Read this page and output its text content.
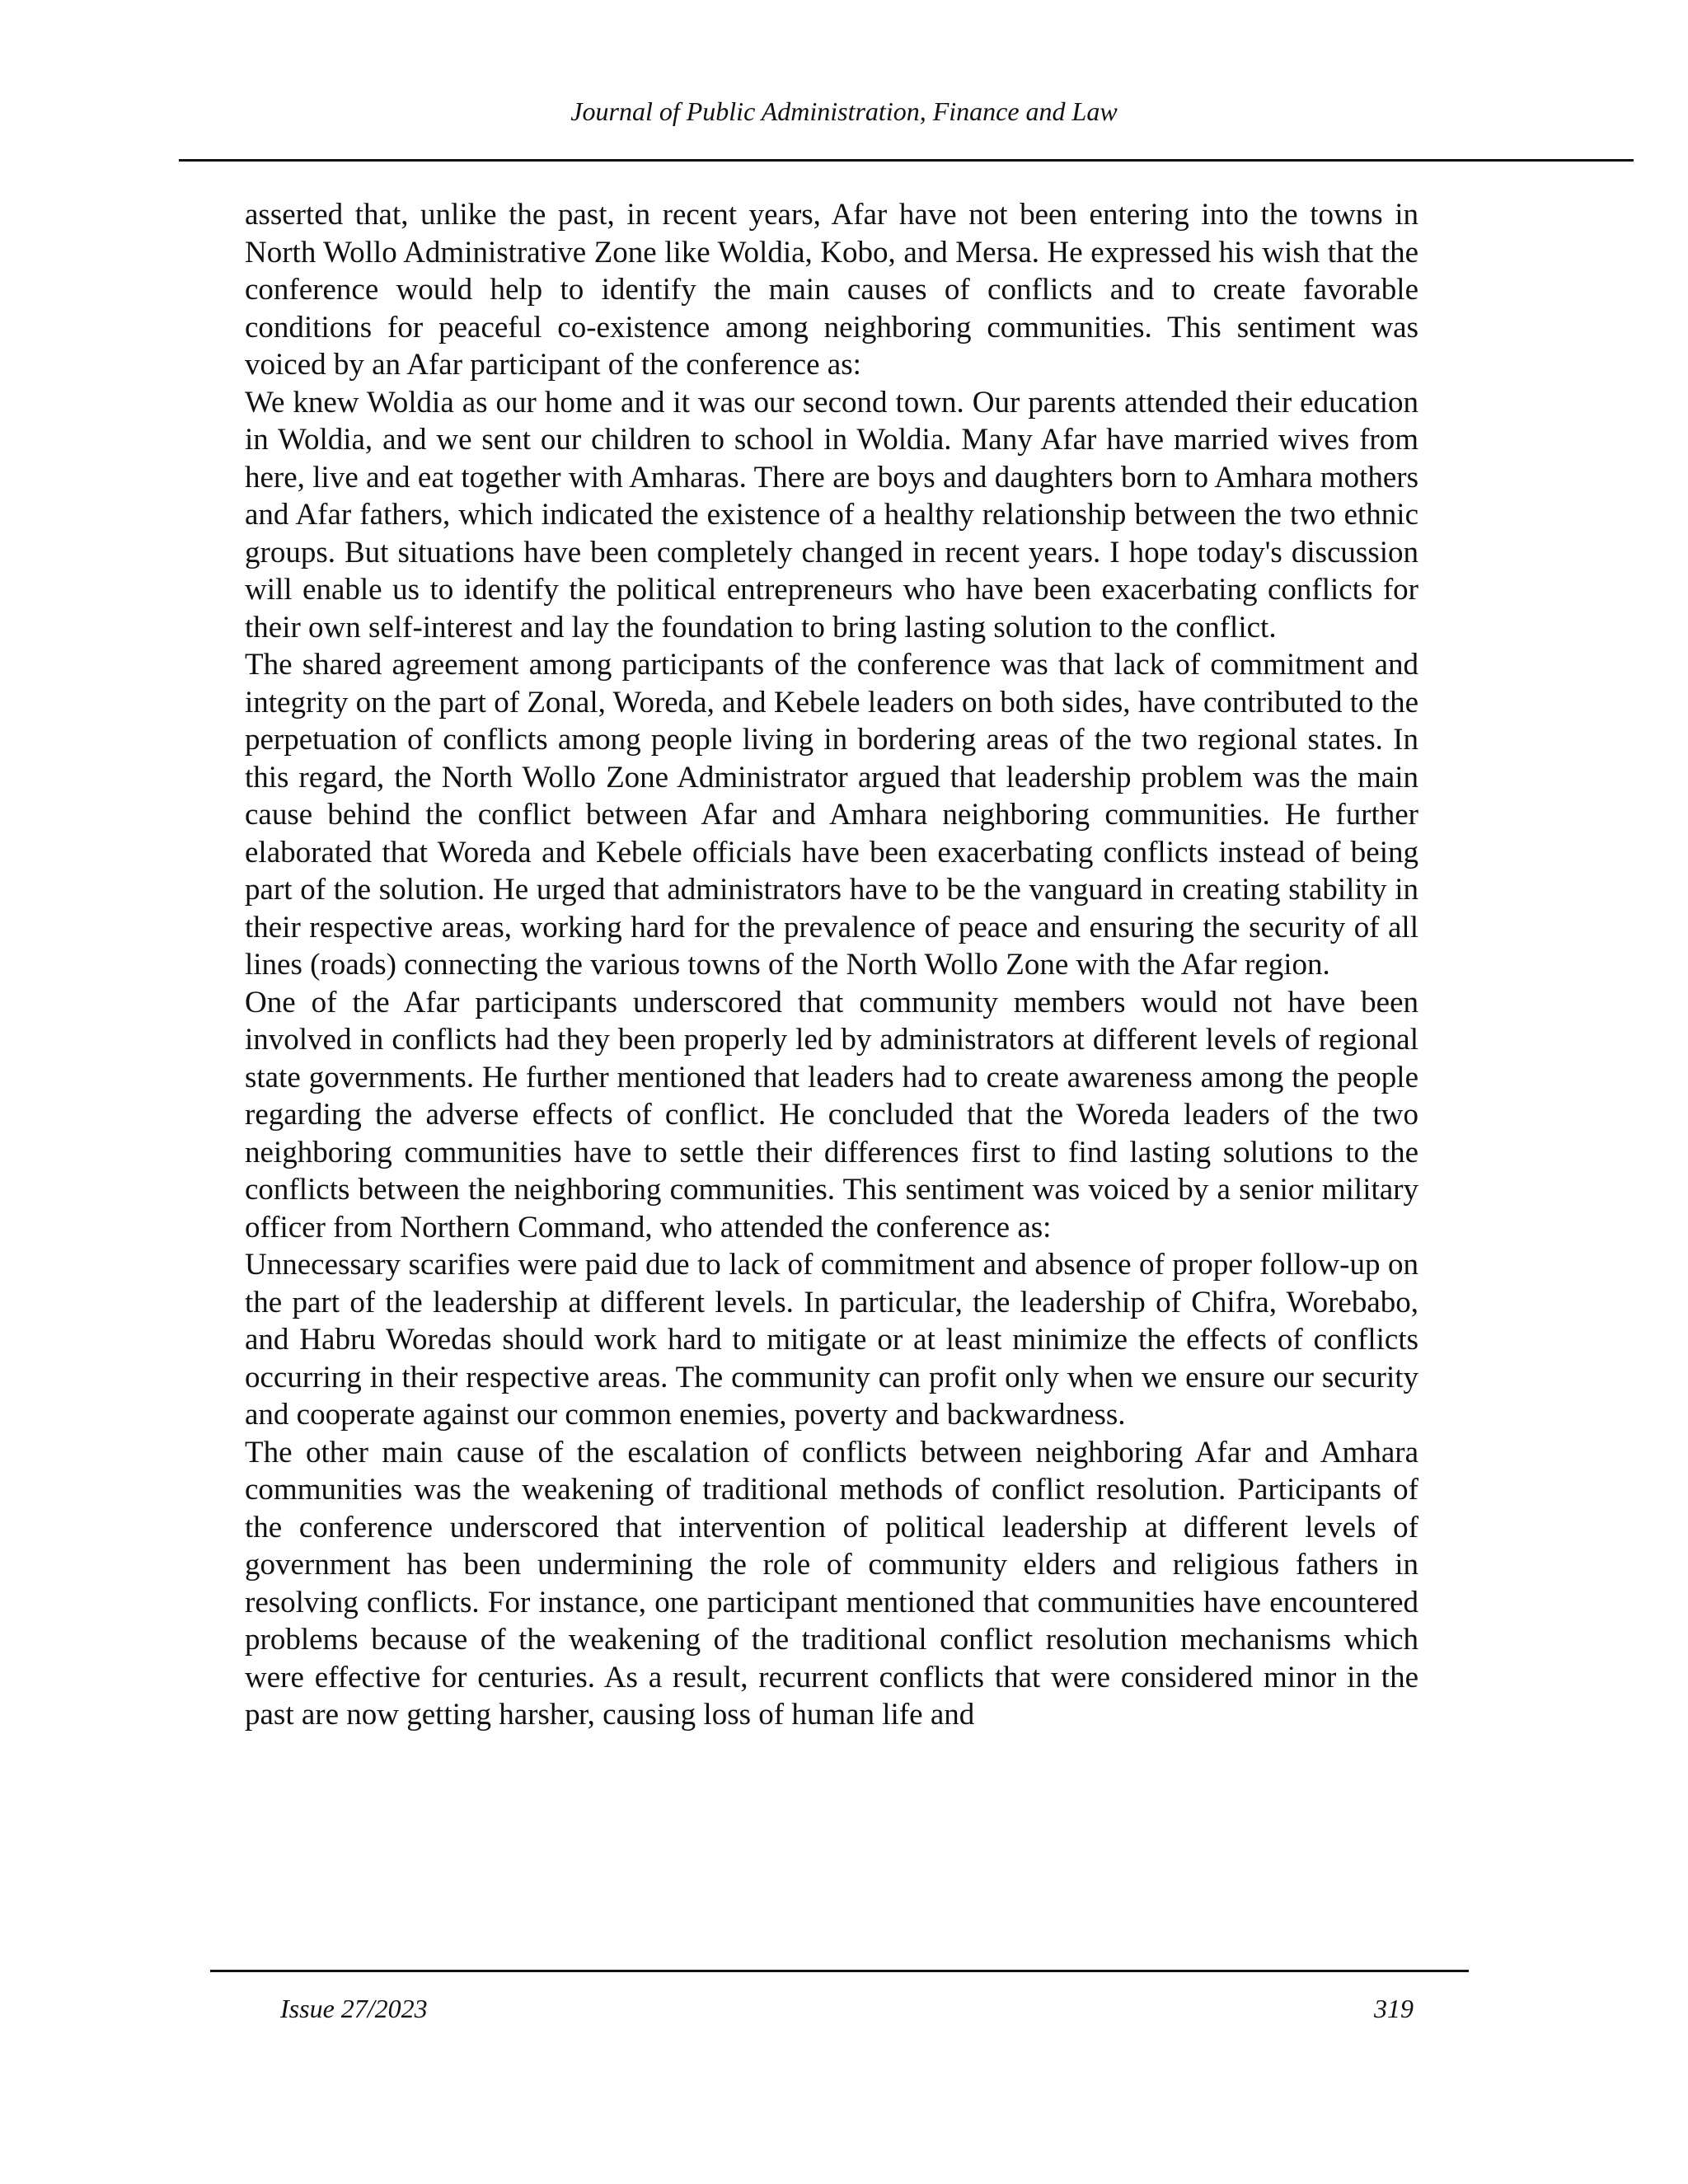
Journal of Public Administration, Finance and Law

asserted that, unlike the past, in recent years, Afar have not been entering into the towns in North Wollo Administrative Zone like Woldia, Kobo, and Mersa. He expressed his wish that the conference would help to identify the main causes of conflicts and to create favorable conditions for peaceful co-existence among neighboring communities. This sentiment was voiced by an Afar participant of the conference as:

We knew Woldia as our home and it was our second town. Our parents attended their education in Woldia, and we sent our children to school in Woldia. Many Afar have married wives from here, live and eat together with Amharas. There are boys and daughters born to Amhara mothers and Afar fathers, which indicated the existence of a healthy relationship between the two ethnic groups. But situations have been completely changed in recent years. I hope today's discussion will enable us to identify the political entrepreneurs who have been exacerbating conflicts for their own self-interest and lay the foundation to bring lasting solution to the conflict.

The shared agreement among participants of the conference was that lack of commitment and integrity on the part of Zonal, Woreda, and Kebele leaders on both sides, have contributed to the perpetuation of conflicts among people living in bordering areas of the two regional states. In this regard, the North Wollo Zone Administrator argued that leadership problem was the main cause behind the conflict between Afar and Amhara neighboring communities. He further elaborated that Woreda and Kebele officials have been exacerbating conflicts instead of being part of the solution. He urged that administrators have to be the vanguard in creating stability in their respective areas, working hard for the prevalence of peace and ensuring the security of all lines (roads) connecting the various towns of the North Wollo Zone with the Afar region.

One of the Afar participants underscored that community members would not have been involved in conflicts had they been properly led by administrators at different levels of regional state governments. He further mentioned that leaders had to create awareness among the people regarding the adverse effects of conflict. He concluded that the Woreda leaders of the two neighboring communities have to settle their differences first to find lasting solutions to the conflicts between the neighboring communities. This sentiment was voiced by a senior military officer from Northern Command, who attended the conference as:

Unnecessary scarifies were paid due to lack of commitment and absence of proper follow-up on the part of the leadership at different levels. In particular, the leadership of Chifra, Worebabo, and Habru Woredas should work hard to mitigate or at least minimize the effects of conflicts occurring in their respective areas. The community can profit only when we ensure our security and cooperate against our common enemies, poverty and backwardness.

The other main cause of the escalation of conflicts between neighboring Afar and Amhara communities was the weakening of traditional methods of conflict resolution. Participants of the conference underscored that intervention of political leadership at different levels of government has been undermining the role of community elders and religious fathers in resolving conflicts. For instance, one participant mentioned that communities have encountered problems because of the weakening of the traditional conflict resolution mechanisms which were effective for centuries. As a result, recurrent conflicts that were considered minor in the past are now getting harsher, causing loss of human life and

Issue 27/2023	319
